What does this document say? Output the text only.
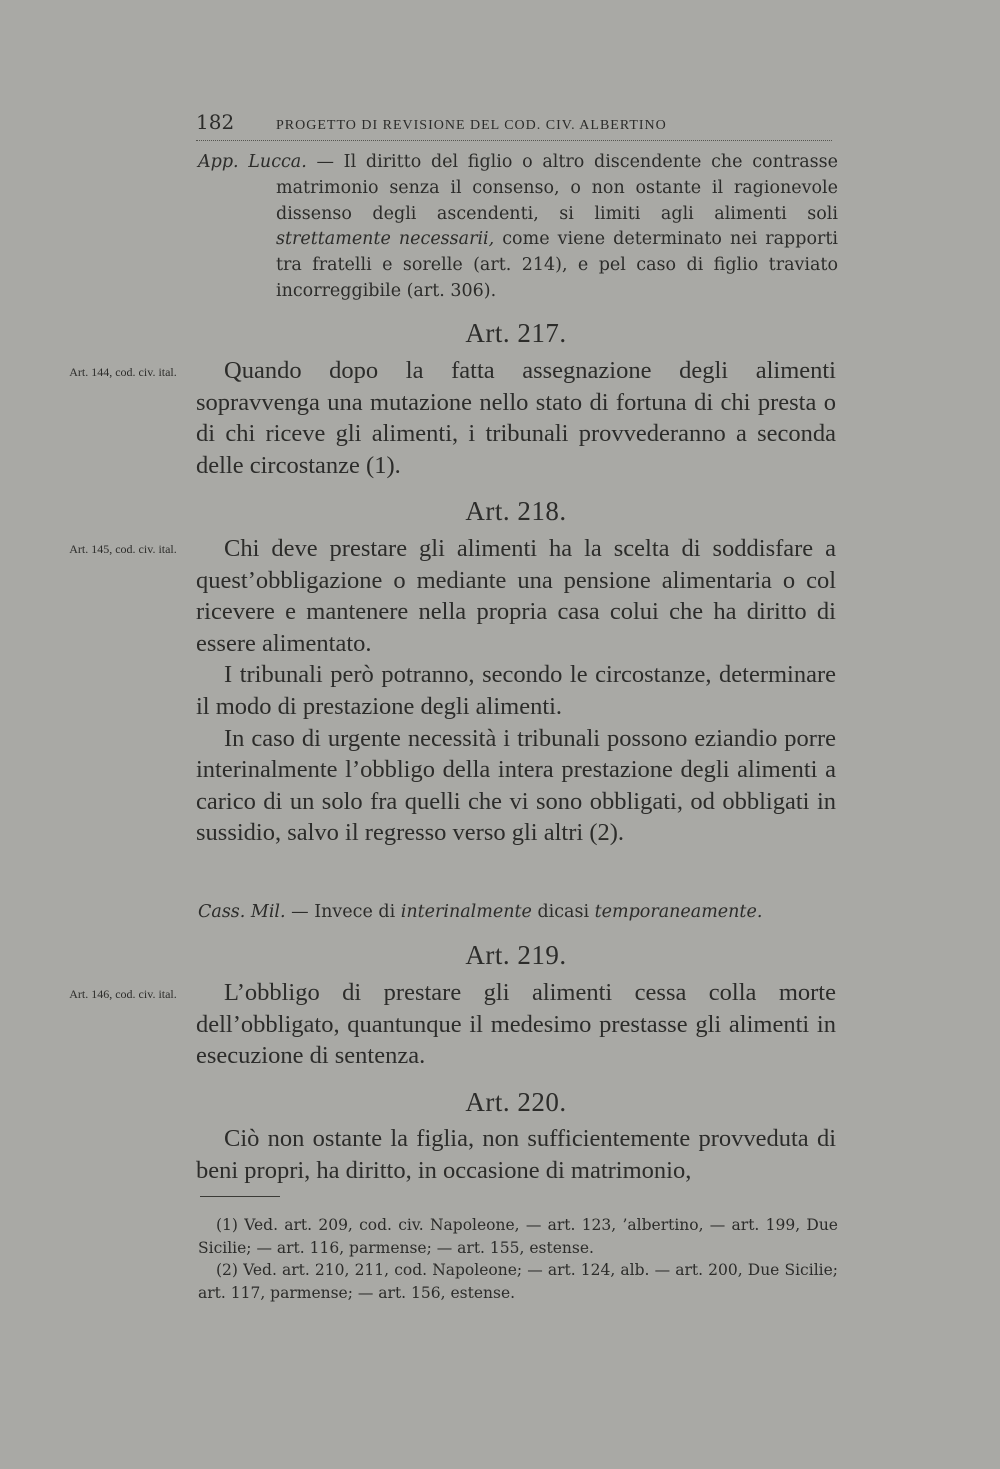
182	PROGETTO DI REVISIONE DEL COD. CIV. ALBERTINO

App. Lucca. — Il diritto del figlio o altro discendente che contrasse matrimonio senza il consenso, o non ostante il ragionevole dissenso degli ascendenti, si limiti agli alimenti soli strettamente necessarii, come viene determinato nei rapporti tra fratelli e sorelle (art. 214), e pel caso di figlio traviato incorreggibile (art. 306).

Art. 217.
Art. 144, cod. civ. ital.	Quando dopo la fatta assegnazione degli alimenti sopravvenga una mutazione nello stato di fortuna di chi presta o di chi riceve gli alimenti, i tribunali provvederanno a seconda delle circostanze (1).

Art. 218.
Art. 145, cod. civ. ital.	Chi deve prestare gli alimenti ha la scelta di soddisfare a quest’obbligazione o mediante una pensione alimentaria o col ricevere e mantenere nella propria casa colui che ha diritto di essere alimentato.

I tribunali però potranno, secondo le circostanze, determinare il modo di prestazione degli alimenti.

In caso di urgente necessità i tribunali possono eziandio porre interinalmente l’obbligo della intera prestazione degli alimenti a carico di un solo fra quelli che vi sono obbligati, od obbligati in sussidio, salvo il regresso verso gli altri (2).

Cass. Mil. — Invece di interinalmente dicasi temporaneamente.

Art. 219.
Art. 146, cod. civ. ital.	L’obbligo di prestare gli alimenti cessa colla morte dell’obbligato, quantunque il medesimo prestasse gli alimenti in esecuzione di sentenza.

Art. 220.

Ciò non ostante la figlia, non sufficientemente provveduta di beni propri, ha diritto, in occasione di matrimonio,

(1) Ved. art. 209, cod. civ. Napoleone, — art. 123, ’albertino, — art. 199, Due Sicilie; — art. 116, parmense; — art. 155, estense.

(2) Ved. art. 210, 211, cod. Napoleone; — art. 124, alb. — art. 200, Due Sicilie; art. 117, parmense; — art. 156, estense.
